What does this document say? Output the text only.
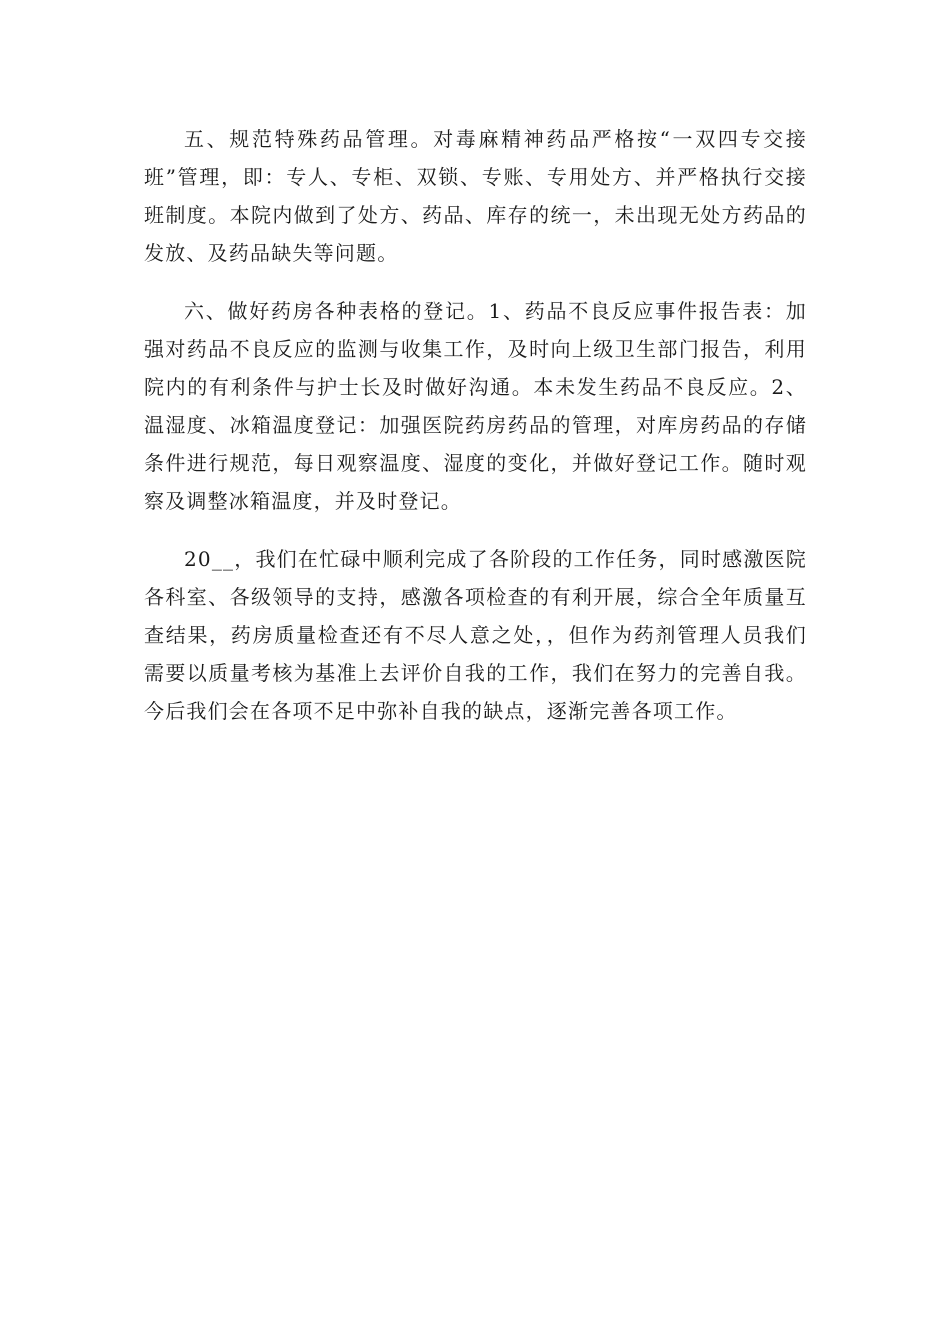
五、规范特殊药品管理。对毒麻精神药品严格按“一双四专交接班”管理，即：专人、专柜、双锁、专账、专用处方、并严格执行交接班制度。本院内做到了处方、药品、库存的统一，未出现无处方药品的发放、及药品缺失等问题。

六、做好药房各种表格的登记。1、药品不良反应事件报告表：加强对药品不良反应的监测与收集工作，及时向上级卫生部门报告，利用院内的有利条件与护士长及时做好沟通。本未发生药品不良反应。2、温湿度、冰箱温度登记：加强医院药房药品的管理，对库房药品的存储条件进行规范，每日观察温度、湿度的变化，并做好登记工作。随时观察及调整冰箱温度，并及时登记。

20__，我们在忙碌中顺利完成了各阶段的工作任务，同时感激医院各科室、各级领导的支持，感激各项检查的有利开展，综合全年质量互查结果，药房质量检查还有不尽人意之处，，但作为药剂管理人员我们需要以质量考核为基准上去评价自我的工作，我们在努力的完善自我。今后我们会在各项不足中弥补自我的缺点，逐渐完善各项工作。
